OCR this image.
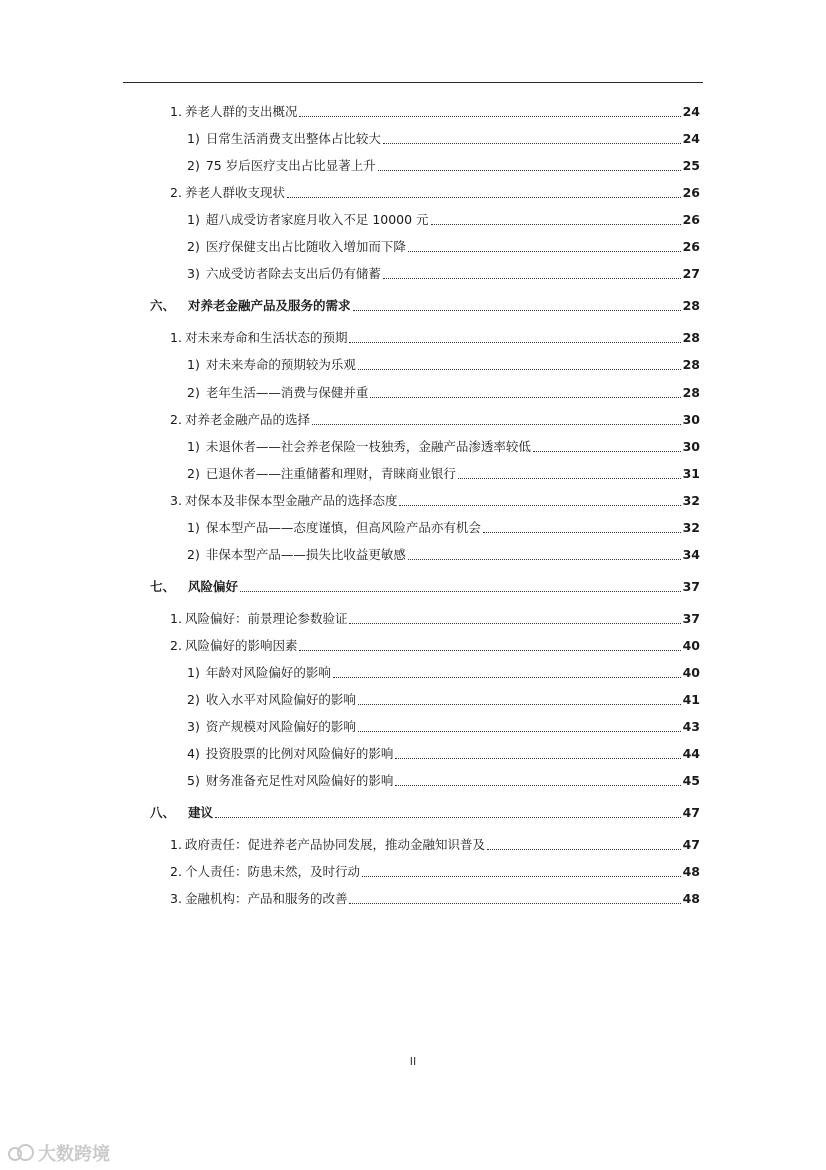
1. 养老人群的支出概况	24
1) 日常生活消费支出整体占比较大	24
2) 75 岁后医疗支出占比显著上升	25
2. 养老人群收支现状	26
1) 超八成受访者家庭月收入不足 10000 元	26
2) 医疗保健支出占比随收入增加而下降	26
3) 六成受访者除去支出后仍有储蓄	27
六、	对养老金融产品及服务的需求	28
1. 对未来寿命和生活状态的预期	28
1) 对未来寿命的预期较为乐观	28
2) 老年生活——消费与保健并重	28
2. 对养老金融产品的选择	30
1) 未退休者——社会养老保险一枝独秀，金融产品渗透率较低	30
2) 已退休者——注重储蓄和理财，青睐商业银行	31
3. 对保本及非保本型金融产品的选择态度	32
1) 保本型产品——态度谨慎，但高风险产品亦有机会	32
2) 非保本型产品——损失比收益更敏感	34
七、	风险偏好	37
1. 风险偏好：前景理论参数验证	37
2. 风险偏好的影响因素	40
1) 年龄对风险偏好的影响	40
2) 收入水平对风险偏好的影响	41
3) 资产规模对风险偏好的影响	43
4) 投资股票的比例对风险偏好的影响	44
5) 财务准备充足性对风险偏好的影响	45
八、	建议	47
1. 政府责任：促进养老产品协同发展，推动金融知识普及	47
2. 个人责任：防患未然，及时行动	48
3. 金融机构：产品和服务的改善	48
II
大数跨境
